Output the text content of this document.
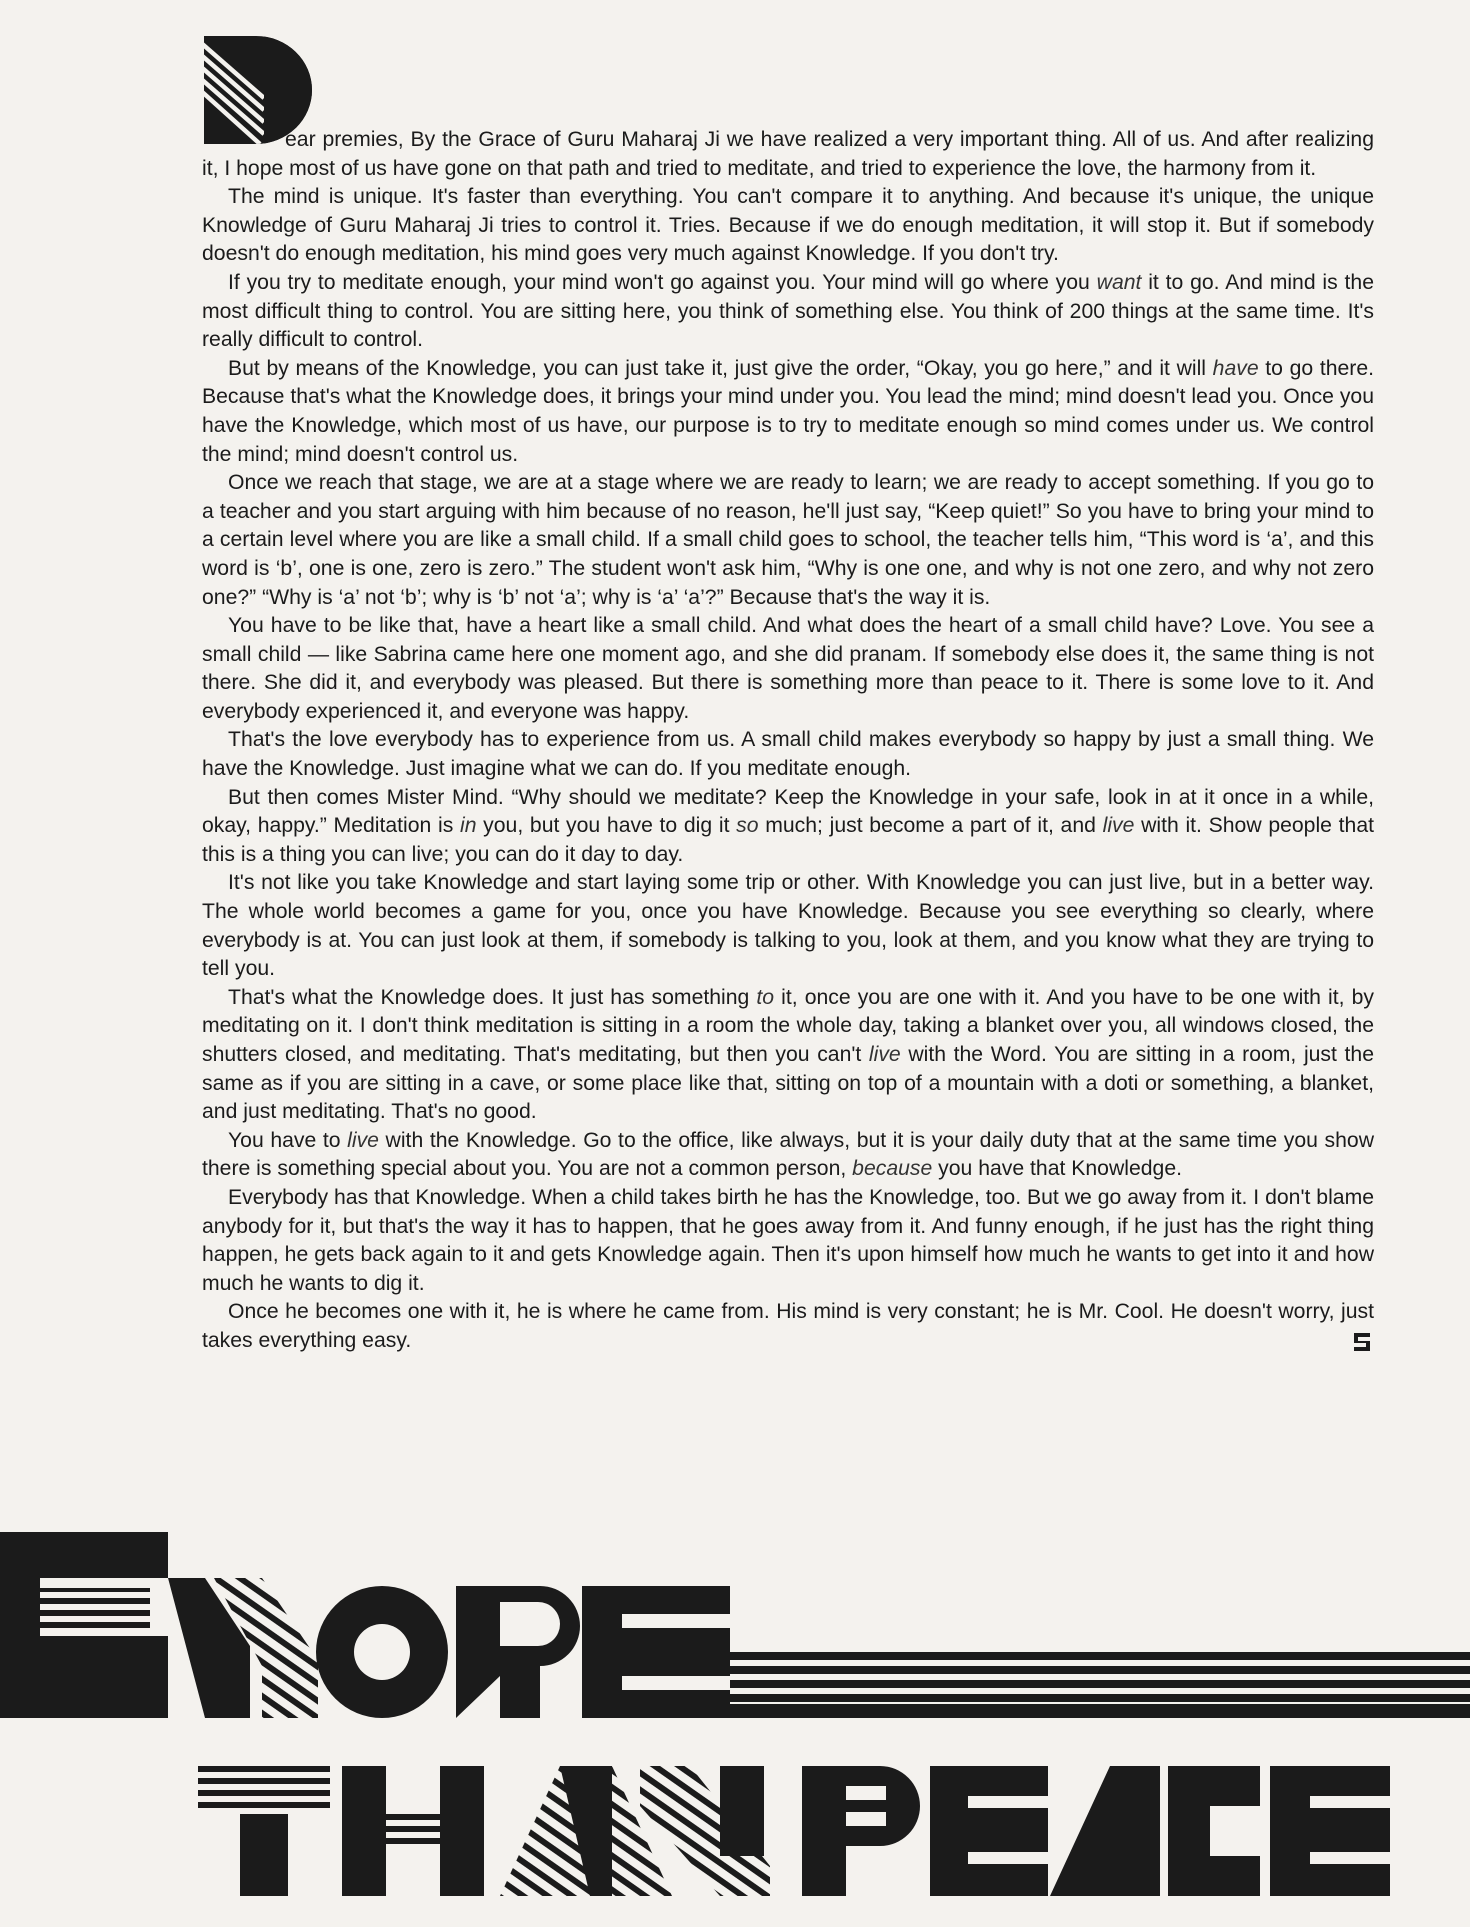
ear premies, By the Grace of Guru Maharaj Ji we have realized a very important thing. All of us. And after realizing it, I hope most of us have gone on that path and tried to meditate, and tried to experience the love, the harmony from it.

The mind is unique. It's faster than everything. You can't compare it to anything. And because it's unique, the unique Knowledge of Guru Maharaj Ji tries to control it. Tries. Because if we do enough meditation, it will stop it. But if somebody doesn't do enough meditation, his mind goes very much against Knowledge. If you don't try.

If you try to meditate enough, your mind won't go against you. Your mind will go where you want it to go. And mind is the most difficult thing to control. You are sitting here, you think of something else. You think of 200 things at the same time. It's really difficult to control.

But by means of the Knowledge, you can just take it, just give the order, “Okay, you go here,” and it will have to go there. Because that's what the Knowledge does, it brings your mind under you. You lead the mind; mind doesn't lead you. Once you have the Knowledge, which most of us have, our purpose is to try to meditate enough so mind comes under us. We control the mind; mind doesn't control us.

Once we reach that stage, we are at a stage where we are ready to learn; we are ready to accept something. If you go to a teacher and you start arguing with him because of no reason, he'll just say, “Keep quiet!” So you have to bring your mind to a certain level where you are like a small child. If a small child goes to school, the teacher tells him, “This word is ‘a’, and this word is ‘b’, one is one, zero is zero.” The student won't ask him, “Why is one one, and why is not one zero, and why not zero one?” “Why is ‘a’ not ‘b’; why is ‘b’ not ‘a’; why is ‘a’ ‘a’?” Because that's the way it is.

You have to be like that, have a heart like a small child. And what does the heart of a small child have? Love. You see a small child — like Sabrina came here one moment ago, and she did pranam. If somebody else does it, the same thing is not there. She did it, and everybody was pleased. But there is something more than peace to it. There is some love to it. And everybody experienced it, and everyone was happy.

That's the love everybody has to experience from us. A small child makes everybody so happy by just a small thing. We have the Knowledge. Just imagine what we can do. If you meditate enough.

But then comes Mister Mind. “Why should we meditate? Keep the Knowledge in your safe, look in at it once in a while, okay, happy.” Meditation is in you, but you have to dig it so much; just become a part of it, and live with it. Show people that this is a thing you can live; you can do it day to day.

It's not like you take Knowledge and start laying some trip or other. With Knowledge you can just live, but in a better way. The whole world becomes a game for you, once you have Knowledge. Because you see everything so clearly, where everybody is at. You can just look at them, if somebody is talking to you, look at them, and you know what they are trying to tell you.

That's what the Knowledge does. It just has something to it, once you are one with it. And you have to be one with it, by meditating on it. I don't think meditation is sitting in a room the whole day, taking a blanket over you, all windows closed, the shutters closed, and meditating. That's meditating, but then you can't live with the Word. You are sitting in a room, just the same as if you are sitting in a cave, or some place like that, sitting on top of a mountain with a doti or something, a blanket, and just meditating. That's no good.

You have to live with the Knowledge. Go to the office, like always, but it is your daily duty that at the same time you show there is something special about you. You are not a common person, because you have that Knowledge.

Everybody has that Knowledge. When a child takes birth he has the Knowledge, too. But we go away from it. I don't blame anybody for it, but that's the way it has to happen, that he goes away from it. And funny enough, if he just has the right thing happen, he gets back again to it and gets Knowledge again. Then it's upon himself how much he wants to get into it and how much he wants to dig it.

Once he becomes one with it, he is where he came from. His mind is very constant; he is Mr. Cool. He doesn't worry, just takes everything easy.
